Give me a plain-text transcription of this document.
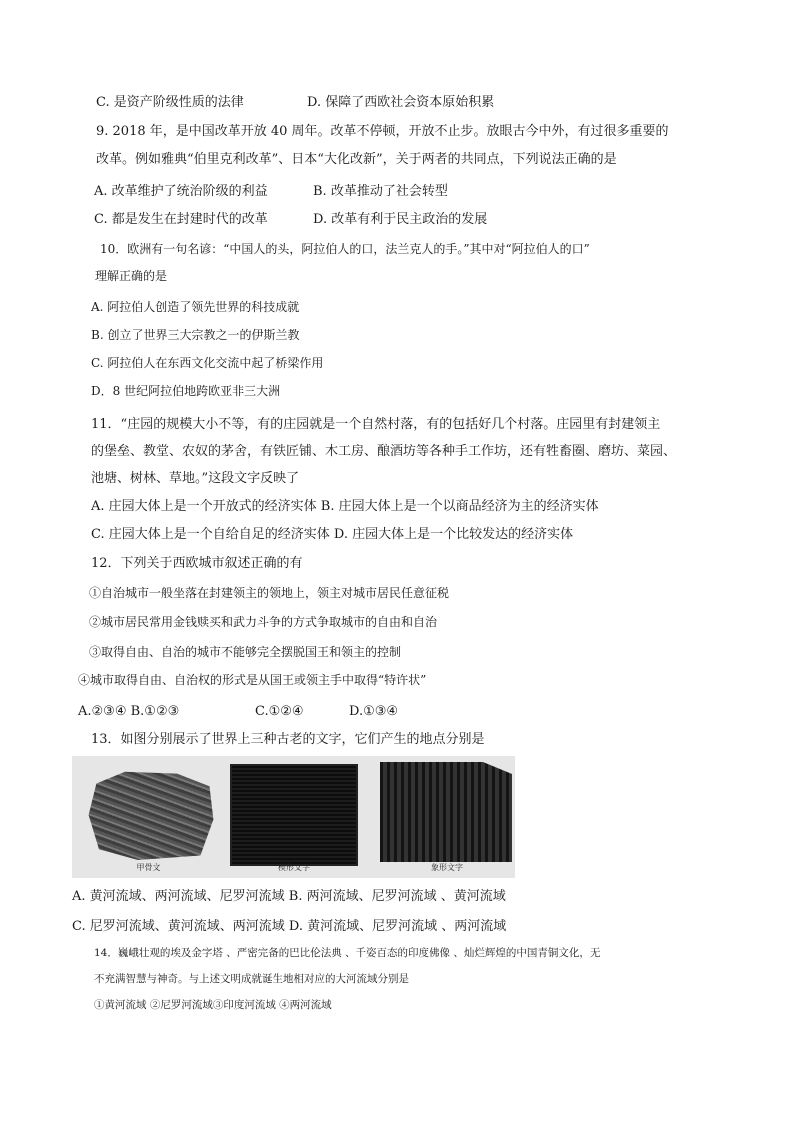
C. 是资产阶级性质的法律	D. 保障了西欧社会资本原始积累
9. 2018 年，是中国改革开放 40 周年。改革不停顿，开放不止步。放眼古今中外，有过很多重要的
改革。例如雅典“伯里克利改革”、日本“大化改新”，关于两者的共同点，下列说法正确的是
A. 改革维护了统治阶级的利益	B. 改革推动了社会转型
C. 都是发生在封建时代的改革	D. 改革有利于民主政治的发展
10．欧洲有一句名谚：“中国人的头，阿拉伯人的口，法兰克人的手。”其中对“阿拉伯人的口”
理解正确的是
A. 阿拉伯人创造了领先世界的科技成就
B. 创立了世界三大宗教之一的伊斯兰教
C. 阿拉伯人在东西文化交流中起了桥梁作用
D．8 世纪阿拉伯地跨欧亚非三大洲
11．“庄园的规模大小不等，有的庄园就是一个自然村落，有的包括好几个村落。庄园里有封建领主
的堡垒、教堂、农奴的茅舍，有铁匠铺、木工房、酿酒坊等各种手工作坊，还有牲畜圈、磨坊、菜园、
池塘、树林、草地。”这段文字反映了
A. 庄园大体上是一个开放式的经济实体 B. 庄园大体上是一个以商品经济为主的经济实体
C. 庄园大体上是一个自给自足的经济实体 D. 庄园大体上是一个比较发达的经济实体
12．下列关于西欧城市叙述正确的有
①自治城市一般坐落在封建领主的领地上，领主对城市居民任意征税
②城市居民常用金钱赎买和武力斗争的方式争取城市的自由和自治
③取得自由、自治的城市不能够完全摆脱国王和领主的控制
④城市取得自由、自治权的形式是从国王或领主手中取得“特许状”
A.②③④ B.①②③	C.①②④	D.①③④
13．如图分别展示了世界上三种古老的文字，它们产生的地点分别是
甲骨文	楔形文字	象形文字
A. 黄河流域、两河流域、尼罗河流域 B. 两河流域、尼罗河流域 、黄河流域
C. 尼罗河流域、黄河流域、两河流域 D. 黄河流域、尼罗河流域 、两河流域
14．巍峨壮观的埃及金字塔 、严密完备的巴比伦法典 、千姿百态的印度佛像 、灿烂辉煌的中国青铜文化，无
不充满智慧与神奇。与上述文明成就诞生地相对应的大河流域分别是
①黄河流域 ②尼罗河流域③印度河流域 ④两河流域
